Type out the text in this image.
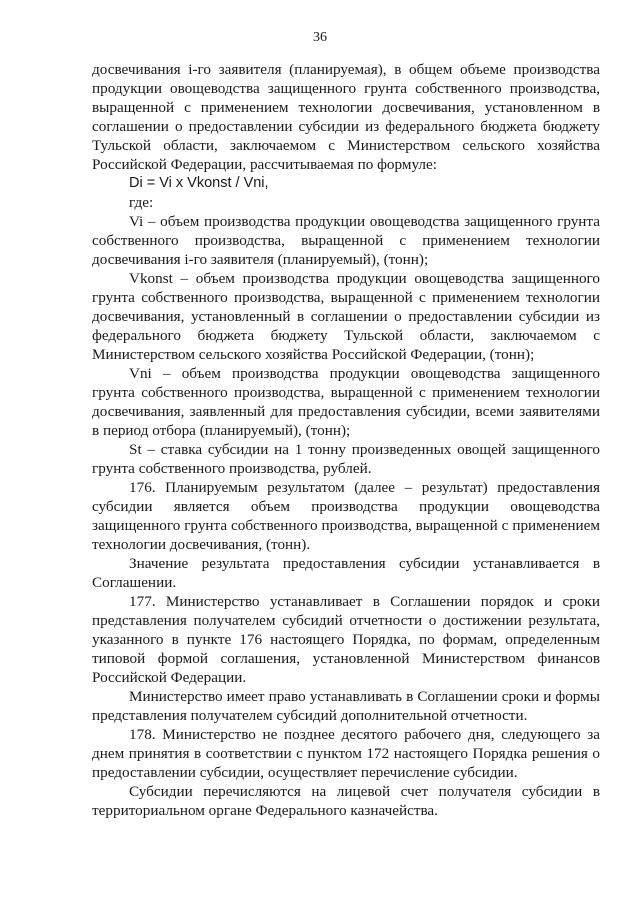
36

досвечивания i-го заявителя (планируемая), в общем объеме производства продукции овощеводства защищенного грунта собственного производства, выращенной с применением технологии досвечивания, установленном в соглашении о предоставлении субсидии из федерального бюджета бюджету Тульской области, заключаемом с Министерством сельского хозяйства Российской Федерации, рассчитываемая по формуле:

Di = Vi x Vkonst / Vni,

где:

Vi – объем производства продукции овощеводства защищенного грунта собственного производства, выращенной с применением технологии досвечивания i-го заявителя (планируемый), (тонн);

Vkonst – объем производства продукции овощеводства защищенного грунта собственного производства, выращенной с применением технологии досвечивания, установленный в соглашении о предоставлении субсидии из федерального бюджета бюджету Тульской области, заключаемом с Министерством сельского хозяйства Российской Федерации, (тонн);

Vni – объем производства продукции овощеводства защищенного грунта собственного производства, выращенной с применением технологии досвечивания, заявленный для предоставления субсидии, всеми заявителями в период отбора (планируемый), (тонн);

St – ставка субсидии на 1 тонну произведенных овощей защищенного грунта собственного производства, рублей.

176. Планируемым результатом (далее – результат) предоставления субсидии является объем производства продукции овощеводства защищенного грунта собственного производства, выращенной с применением технологии досвечивания, (тонн).

Значение результата предоставления субсидии устанавливается в Соглашении.

177. Министерство устанавливает в Соглашении порядок и сроки представления получателем субсидий отчетности о достижении результата, указанного в пункте 176 настоящего Порядка, по формам, определенным типовой формой соглашения, установленной Министерством финансов Российской Федерации.

Министерство имеет право устанавливать в Соглашении сроки и формы представления получателем субсидий дополнительной отчетности.

178. Министерство не позднее десятого рабочего дня, следующего за днем принятия в соответствии с пунктом 172 настоящего Порядка решения о предоставлении субсидии, осуществляет перечисление субсидии.

Субсидии перечисляются на лицевой счет получателя субсидии в территориальном органе Федерального казначейства.
